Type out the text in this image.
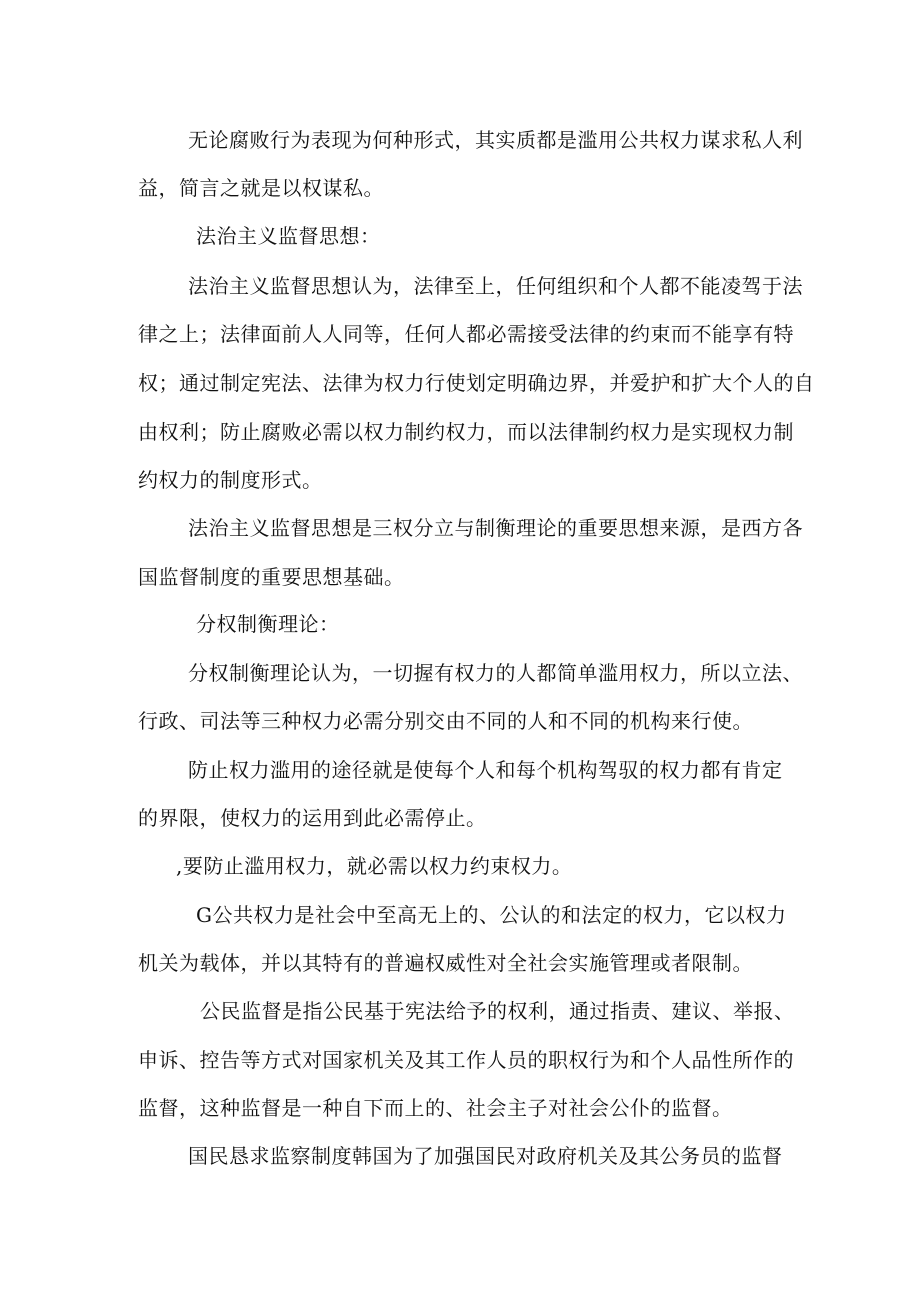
无论腐败行为表现为何种形式，其实质都是滥用公共权力谋求私人利
益，简言之就是以权谋私。
法治主义监督思想：
法治主义监督思想认为，法律至上，任何组织和个人都不能凌驾于法
律之上；法律面前人人同等，任何人都必需接受法律的约束而不能享有特
权；通过制定宪法、法律为权力行使划定明确边界，并爱护和扩大个人的自
由权利；防止腐败必需以权力制约权力，而以法律制约权力是实现权力制
约权力的制度形式。
法治主义监督思想是三权分立与制衡理论的重要思想来源，是西方各
国监督制度的重要思想基础。
分权制衡理论：
分权制衡理论认为，一切握有权力的人都简单滥用权力，所以立法、
行政、司法等三种权力必需分别交由不同的人和不同的机构来行使。
防止权力滥用的途径就是使每个人和每个机构驾驭的权力都有肯定
的界限，使权力的运用到此必需停止。
,要防止滥用权力，就必需以权力约束权力。
G公共权力是社会中至高无上的、公认的和法定的权力，它以权力
机关为载体，并以其特有的普遍权威性对全社会实施管理或者限制。
公民监督是指公民基于宪法给予的权利，通过指责、建议、举报、
申诉、控告等方式对国家机关及其工作人员的职权行为和个人品性所作的
监督，这种监督是一种自下而上的、社会主子对社会公仆的监督。
国民恳求监察制度韩国为了加强国民对政府机关及其公务员的监督
